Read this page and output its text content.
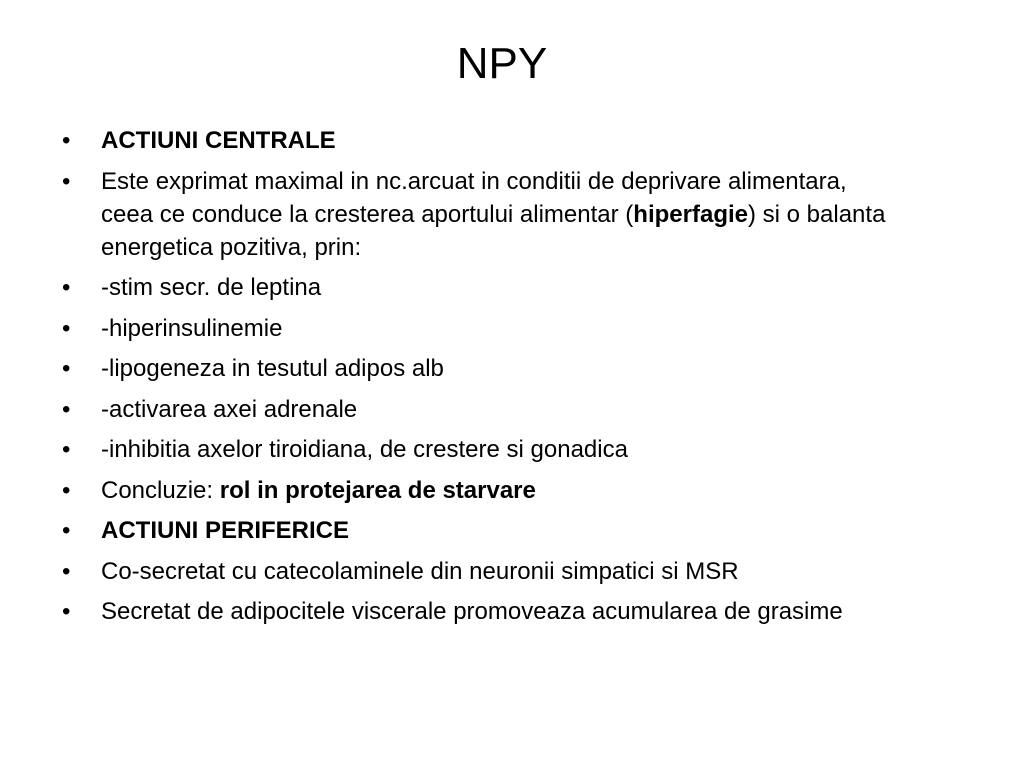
NPY
• ACTIUNI CENTRALE
• Este exprimat maximal in nc.arcuat in conditii de deprivare alimentara, ceea ce conduce la cresterea aportului alimentar (hiperfagie) si o balanta energetica pozitiva, prin:
• -stim secr. de leptina
• -hiperinsulinemie
• -lipogeneza in tesutul adipos alb
• -activarea axei adrenale
• -inhibitia axelor tiroidiana, de crestere si gonadica
• Concluzie: rol in protejarea de starvare
• ACTIUNI PERIFERICE
• Co-secretat cu catecolaminele din neuronii simpatici si MSR
• Secretat de adipocitele viscerale promoveaza acumularea de grasime
